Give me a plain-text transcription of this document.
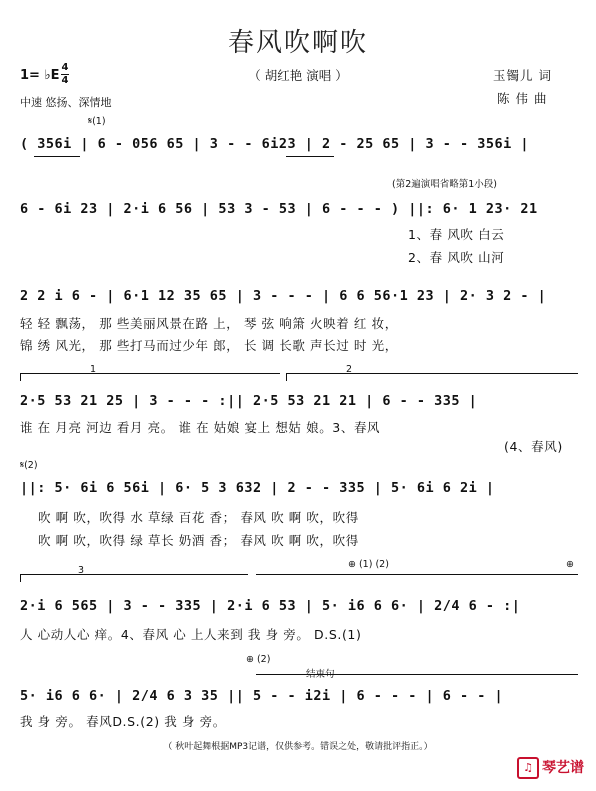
春风吹啊吹
（ 胡红艳 演唱 ）
1= ♭E
4
4
中速 悠扬、深情地
玉镯儿 词
陈 伟 曲
𝄋(1)
( 356i | 6 - 056 65 | 3 - - 6i23 | 2 - 25 65 | 3 - - 356i |
(第2遍演唱省略第1小段)
6 - 6i 23 | 2·i 6 56 | 53 3 - 53 | 6 - - - ) ||: 6· 1 23· 21
1、春 风吹 白云
2、春 风吹 山河
2 2 i 6 - | 6·1 12 35 65 | 3 - - - | 6 6 56·1 23 | 2· 3 2 - |
轻 轻 飘荡， 那 些美丽风景在路 上， 琴 弦 响箫 火映着 红 妆，
锦 绣 风光， 那 些打马而过少年 郎， 长 调 长歌 声长过 时 光，
1	2
2·5 53 21 25 | 3 - - - :|| 2·5 53 21 21 | 6 - - 335 |
谁 在 月亮 河边 看月 亮。 谁 在 姑娘 宴上 想姑 娘。3、春风
(4、春风)
𝄋(2)
||: 5· 6i 6 56i | 6· 5 3 632 | 2 - - 335 | 5· 6i 6 2i |
吹 啊 吹，吹得 水 草绿 百花 香； 春风 吹 啊 吹，吹得
吹 啊 吹，吹得 绿 草长 奶酒 香； 春风 吹 啊 吹，吹得
⊕ (1) (2)	⊕
3
2·i 6 565 | 3 - - 335 | 2·i 6 53 | 5· i6 6 6· | 2/4 6 - :|
人 心动人心 痒。4、春风 心 上人来到 我 身 旁。 D.S.(1)
⊕ (2)
5· i6 6 6· | 2/4 6 3 35 || 5 - - i2i | 6 - - - | 6 - - |
我 身 旁。 春风D.S.(2) 我 身 旁。
（ 秋叶起舞根据MP3记谱，仅供参考。错误之处，敬请批评指正。）
♫ 琴艺谱
